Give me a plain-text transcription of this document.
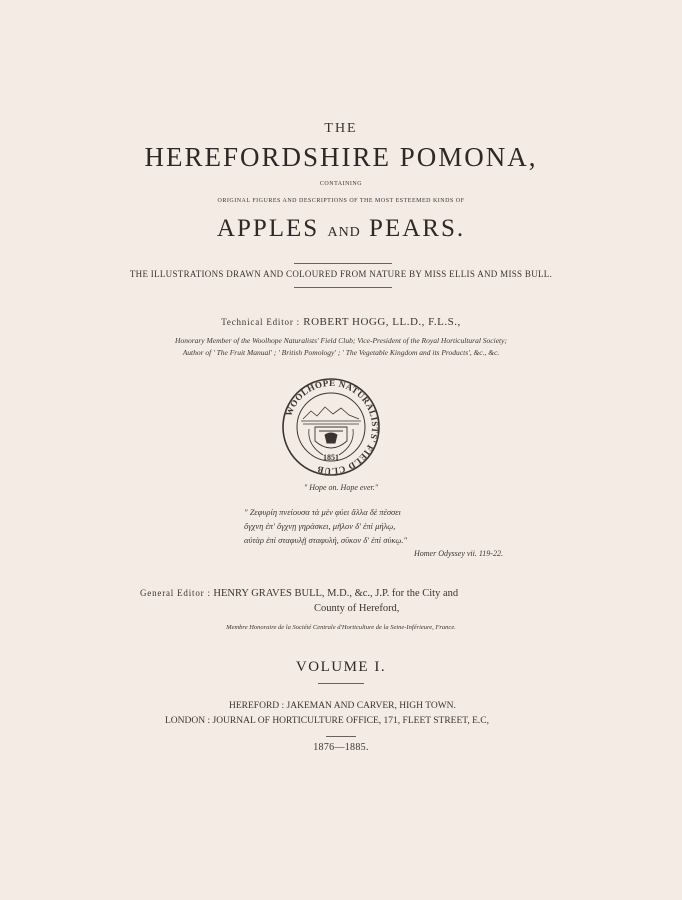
THE

HEREFORDSHIRE POMONA,

CONTAINING

ORIGINAL FIGURES AND DESCRIPTIONS OF THE MOST ESTEEMED KINDS OF

APPLES AND PEARS.

THE ILLUSTRATIONS DRAWN AND COLOURED FROM NATURE BY MISS ELLIS AND MISS BULL.

Technical Editor : ROBERT HOGG, LL.D., F.L.S.,

Honorary Member of the Woolhope Naturalists' Field Club; Vice-President of the Royal Horticultural Society;

Author of ' The Fruit Manual' ; ' British Pomology' ; ' The Vegetable Kingdom and its Products', &c., &c.

WOOLHOPE NATURALISTS' FIELD CLUB
1851

" Hope on. Hope ever."

" Ζεφυρίη πνείουσα τὰ μὲν φύει ἄλλα δὲ πέσσει
ὄγχνη ἐπ' ὄγχνῃ γηράσκει, μῆλον δ' ἐπὶ μήλῳ,
αὐτὰρ ἐπὶ σταφυλῇ σταφυλή, σῦκον δ' ἐπὶ σύκῳ."
Homer Odyssey vii. 119-22.
General Editor : HENRY GRAVES BULL, M.D., &c., J.P. for the City and
County of Hereford,

Membre Honoraire de la Société Centrale d'Horticulture de la Seine-Inférieure, France.

VOLUME I.

HEREFORD : JAKEMAN AND CARVER, HIGH TOWN.
LONDON : JOURNAL OF HORTICULTURE OFFICE, 171, FLEET STREET, E.C,

1876—1885.
